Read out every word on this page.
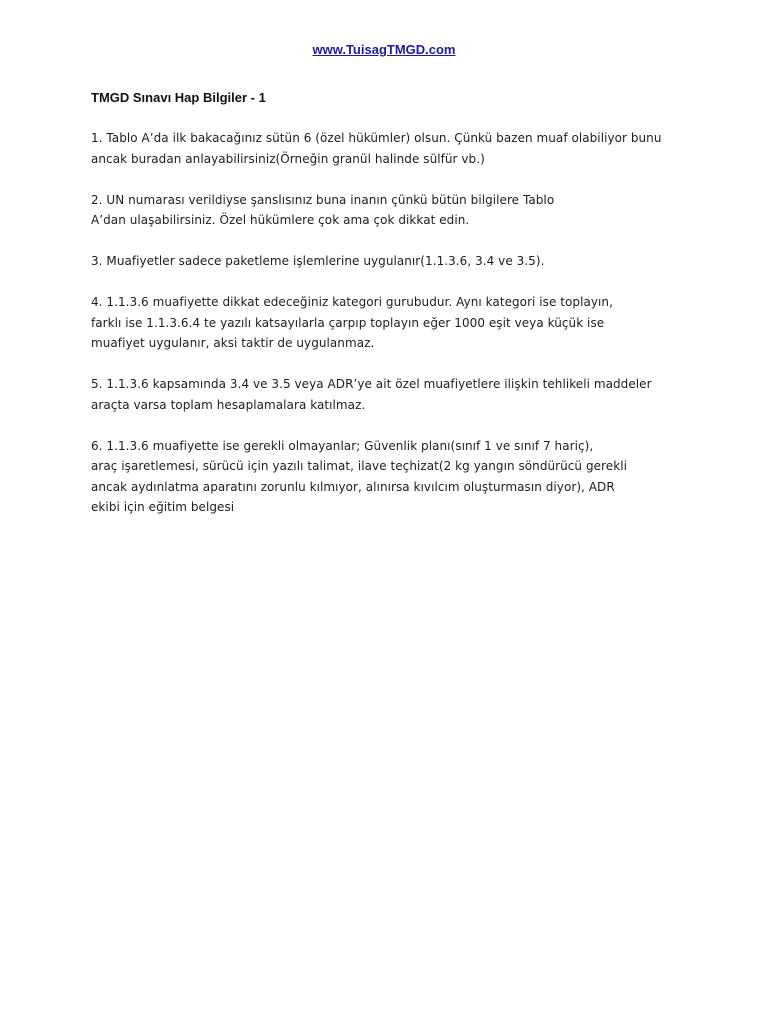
www.TuisagTMGD.com
TMGD Sınavı Hap Bilgiler - 1

1. Tablo A’da ilk bakacağınız sütün 6 (özel hükümler) olsun. Çünkü bazen muaf olabiliyor bunu
ancak buradan anlayabilirsiniz(Örneğin granül halinde sülfür vb.)

2. UN numarası verildiyse şanslısınız buna inanın çünkü bütün bilgilere Tablo
A’dan ulaşabilirsiniz. Özel hükümlere çok ama çok dikkat edin.

3. Muafiyetler sadece paketleme işlemlerine uygulanır(1.1.3.6, 3.4 ve 3.5).

4. 1.1.3.6 muafiyette dikkat edeceğiniz kategori gurubudur. Aynı kategori ise toplayın,
farklı ise 1.1.3.6.4 te yazılı katsayılarla çarpıp toplayın eğer 1000 eşit veya küçük ise
muafiyet uygulanır, aksi taktir de uygulanmaz.

5. 1.1.3.6 kapsamında 3.4 ve 3.5 veya ADR’ye ait özel muafiyetlere ilişkin tehlikeli maddeler
araçta varsa toplam hesaplamalara katılmaz.

6. 1.1.3.6 muafiyette ise gerekli olmayanlar; Güvenlik planı(sınıf 1 ve sınıf 7 hariç),
araç işaretlemesi, sürücü için yazılı talimat, ilave teçhizat(2 kg yangın söndürücü gerekli
ancak aydınlatma aparatını zorunlu kılmıyor, alınırsa kıvılcım oluşturmasın diyor), ADR
ekibi için eğitim belgesi
